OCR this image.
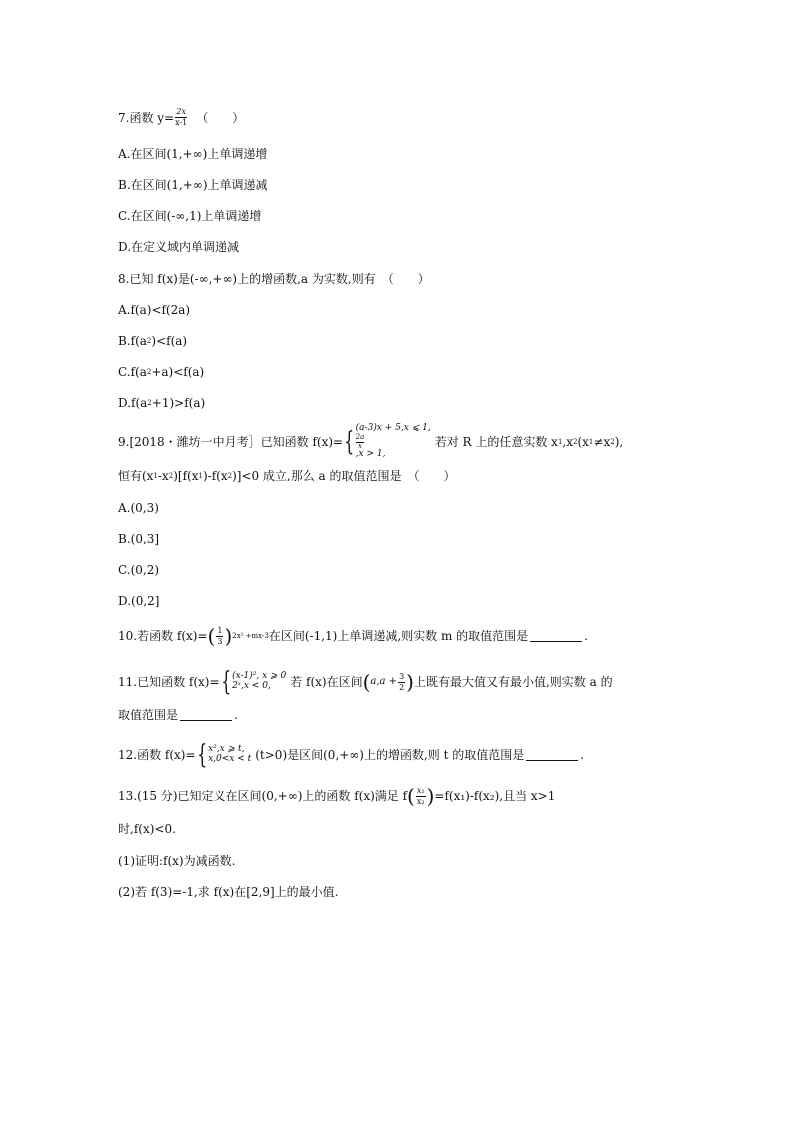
7.函数 $y= \frac{2x}{x-1}$ （　　）
A.在区间(1,+∞)上单调递增
B.在区间(1,+∞)上单调递减
C.在区间(-∞,1)上单调递增
D.在定义域内单调递减
8.已知 f(x)是(-∞,+∞)上的增函数,a 为实数,则有　（　　）
A.f(a)<f(2a)
B.f(a 2 )<f(a)
C.f(a 2 +a)<f(a)
D.f(a 2 +1)>f(a)
9.[2018・潍坊一中月考］已知函数 f(x)= { (a-3)x + 5,x ⩽ 1,
$\frac{2a}{x}$
,x > 1,
若对 R 上的任意实数 x 1 ,x 2 (x 1 ≠x 2 ),
恒有(x 1 -x 2 )[f(x 1 )-f(x 2 )]<0 成立,那么 a 的取值范围是　（　　）
A.(0,3)
B.(0,3]
C.(0,2)
D.(0,2]
10.若函数 f(x)= ( $\frac{1}{3}$ ) 2x² +mx-3 在区间(-1,1)上单调递减,则实数 m 的取值范围是	.
11.已知函数 f(x)= { (x-1)², x ⩾ 0
2ˣ,x < 0,	若 f(x)在区间 ( $a,a + \frac{3}{2}$ ) 上既有最大值又有最小值,则实数 a 的
取值范围是	.
12.函数 f(x)= { x²,x ⩾ t,
x,0<x < t (t>0)是区间(0,+∞)上的增函数,则 t 的取值范围是	.
13.(15 分)已知定义在区间(0,+∞)上的函数 f(x)满足 f ( $\frac{\text{x₁}}{\text{x₂}}$ ) =f(x₁)-f(x₂),且当 x>1
时,f(x)<0.
(1)证明:f(x)为减函数.
(2)若 f(3)=-1,求 f(x)在[2,9]上的最小值.
